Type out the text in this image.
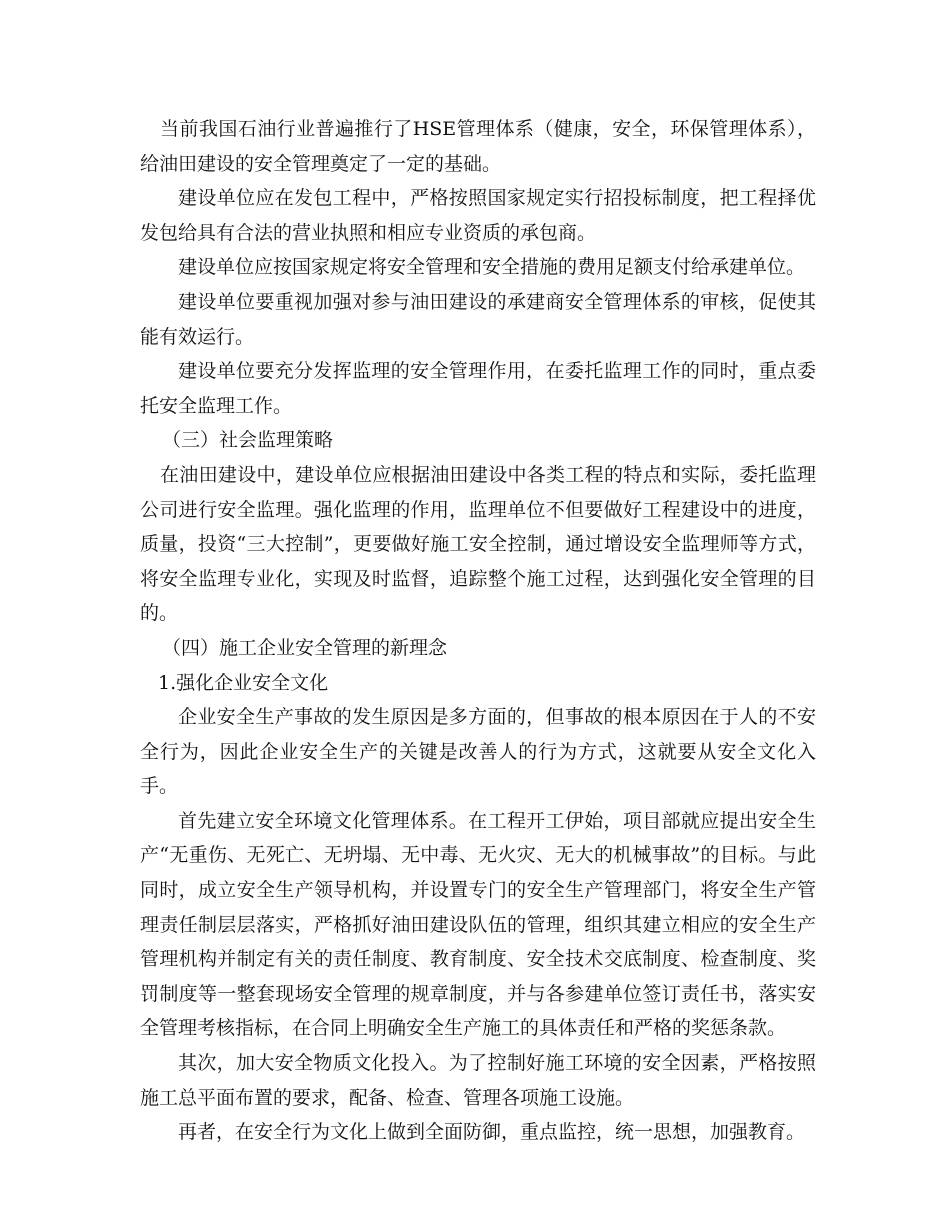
当前我国石油行业普遍推行了HSE管理体系（健康，安全，环保管理体系），给油田建设的安全管理奠定了一定的基础。

建设单位应在发包工程中，严格按照国家规定实行招投标制度，把工程择优发包给具有合法的营业执照和相应专业资质的承包商。

建设单位应按国家规定将安全管理和安全措施的费用足额支付给承建单位。

建设单位要重视加强对参与油田建设的承建商安全管理体系的审核，促使其能有效运行。

建设单位要充分发挥监理的安全管理作用，在委托监理工作的同时，重点委托安全监理工作。

（三）社会监理策略

在油田建设中，建设单位应根据油田建设中各类工程的特点和实际，委托监理公司进行安全监理。强化监理的作用，监理单位不但要做好工程建设中的进度，质量，投资“三大控制”，更要做好施工安全控制，通过增设安全监理师等方式，将安全监理专业化，实现及时监督，追踪整个施工过程，达到强化安全管理的目的。

（四）施工企业安全管理的新理念

1.强化企业安全文化

企业安全生产事故的发生原因是多方面的，但事故的根本原因在于人的不安全行为，因此企业安全生产的关键是改善人的行为方式，这就要从安全文化入手。

首先建立安全环境文化管理体系。在工程开工伊始，项目部就应提出安全生产“无重伤、无死亡、无坍塌、无中毒、无火灾、无大的机械事故”的目标。与此同时，成立安全生产领导机构，并设置专门的安全生产管理部门，将安全生产管理责任制层层落实，严格抓好油田建设队伍的管理，组织其建立相应的安全生产管理机构并制定有关的责任制度、教育制度、安全技术交底制度、检查制度、奖罚制度等一整套现场安全管理的规章制度，并与各参建单位签订责任书，落实安全管理考核指标，在合同上明确安全生产施工的具体责任和严格的奖惩条款。

其次，加大安全物质文化投入。为了控制好施工环境的安全因素，严格按照施工总平面布置的要求，配备、检查、管理各项施工设施。

再者，在安全行为文化上做到全面防御，重点监控，统一思想，加强教育。
